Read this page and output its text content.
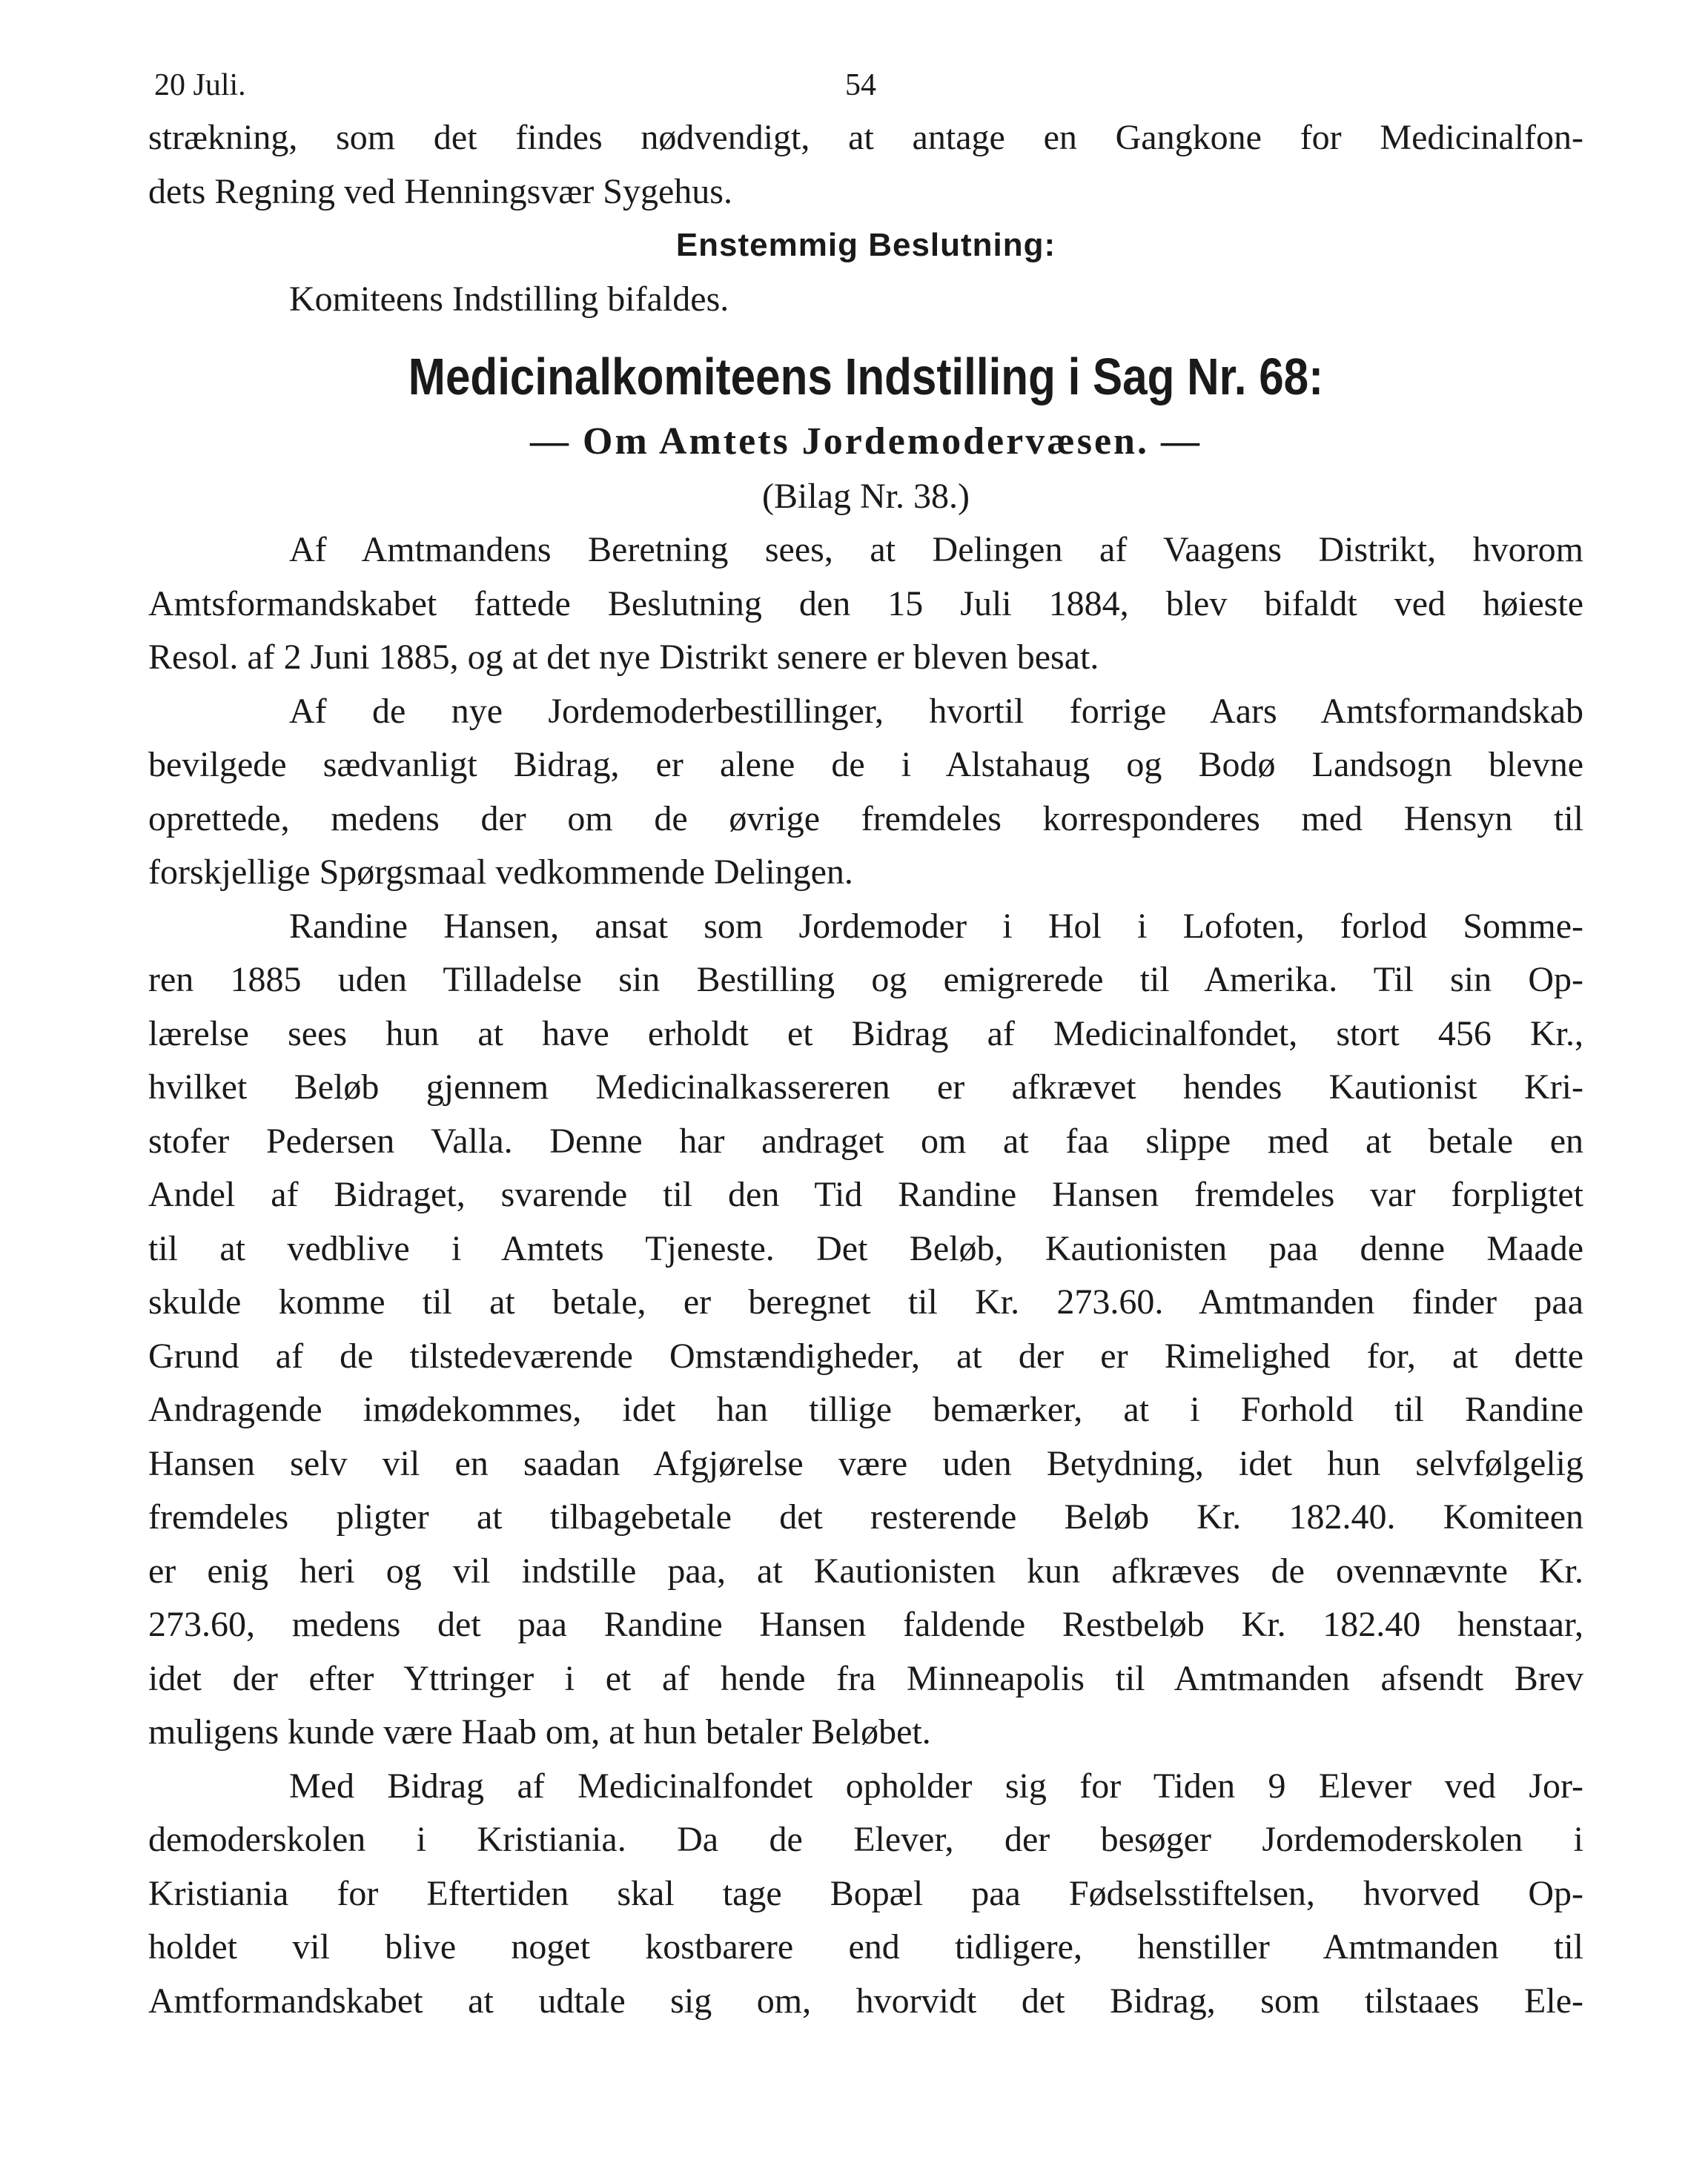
20 Juli.	54
strækning, som det findes nødvendigt, at antage en Gangkone for Medicinalfon-
dets Regning ved Henningsvær Sygehus.
Enstemmig Beslutning:
Komiteens Indstilling bifaldes.
Medicinalkomiteens Indstilling i Sag Nr. 68:
— Om Amtets Jordemodervæsen. —
(Bilag Nr. 38.)
Af Amtmandens Beretning sees, at Delingen af Vaagens Distrikt, hvorom
Amtsformandskabet fattede Beslutning den 15 Juli 1884, blev bifaldt ved høieste
Resol. af 2 Juni 1885, og at det nye Distrikt senere er bleven besat.
Af de nye Jordemoderbestillinger, hvortil forrige Aars Amtsformandskab
bevilgede sædvanligt Bidrag, er alene de i Alstahaug og Bodø Landsogn blevne
oprettede, medens der om de øvrige fremdeles korresponderes med Hensyn til
forskjellige Spørgsmaal vedkommende Delingen.
Randine Hansen, ansat som Jordemoder i Hol i Lofoten, forlod Somme-
ren 1885 uden Tilladelse sin Bestilling og emigrerede til Amerika. Til sin Op-
lærelse sees hun at have erholdt et Bidrag af Medicinalfondet, stort 456 Kr.,
hvilket Beløb gjennem Medicinalkassereren er afkrævet hendes Kautionist Kri-
stofer Pedersen Valla. Denne har andraget om at faa slippe med at betale en
Andel af Bidraget, svarende til den Tid Randine Hansen fremdeles var forpligtet
til at vedblive i Amtets Tjeneste. Det Beløb, Kautionisten paa denne Maade
skulde komme til at betale, er beregnet til Kr. 273.60. Amtmanden finder paa
Grund af de tilstedeværende Omstændigheder, at der er Rimelighed for, at dette
Andragende imødekommes, idet han tillige bemærker, at i Forhold til Randine
Hansen selv vil en saadan Afgjørelse være uden Betydning, idet hun selvfølgelig
fremdeles pligter at tilbagebetale det resterende Beløb Kr. 182.40. Komiteen
er enig heri og vil indstille paa, at Kautionisten kun afkræves de ovennævnte Kr.
273.60, medens det paa Randine Hansen faldende Restbeløb Kr. 182.40 henstaar,
idet der efter Yttringer i et af hende fra Minneapolis til Amtmanden afsendt Brev
muligens kunde være Haab om, at hun betaler Beløbet.
Med Bidrag af Medicinalfondet opholder sig for Tiden 9 Elever ved Jor-
demoderskolen i Kristiania. Da de Elever, der besøger Jordemoderskolen i
Kristiania for Eftertiden skal tage Bopæl paa Fødselsstiftelsen, hvorved Op-
holdet vil blive noget kostbarere end tidligere, henstiller Amtmanden til
Amtformandskabet at udtale sig om, hvorvidt det Bidrag, som tilstaaes Ele-
